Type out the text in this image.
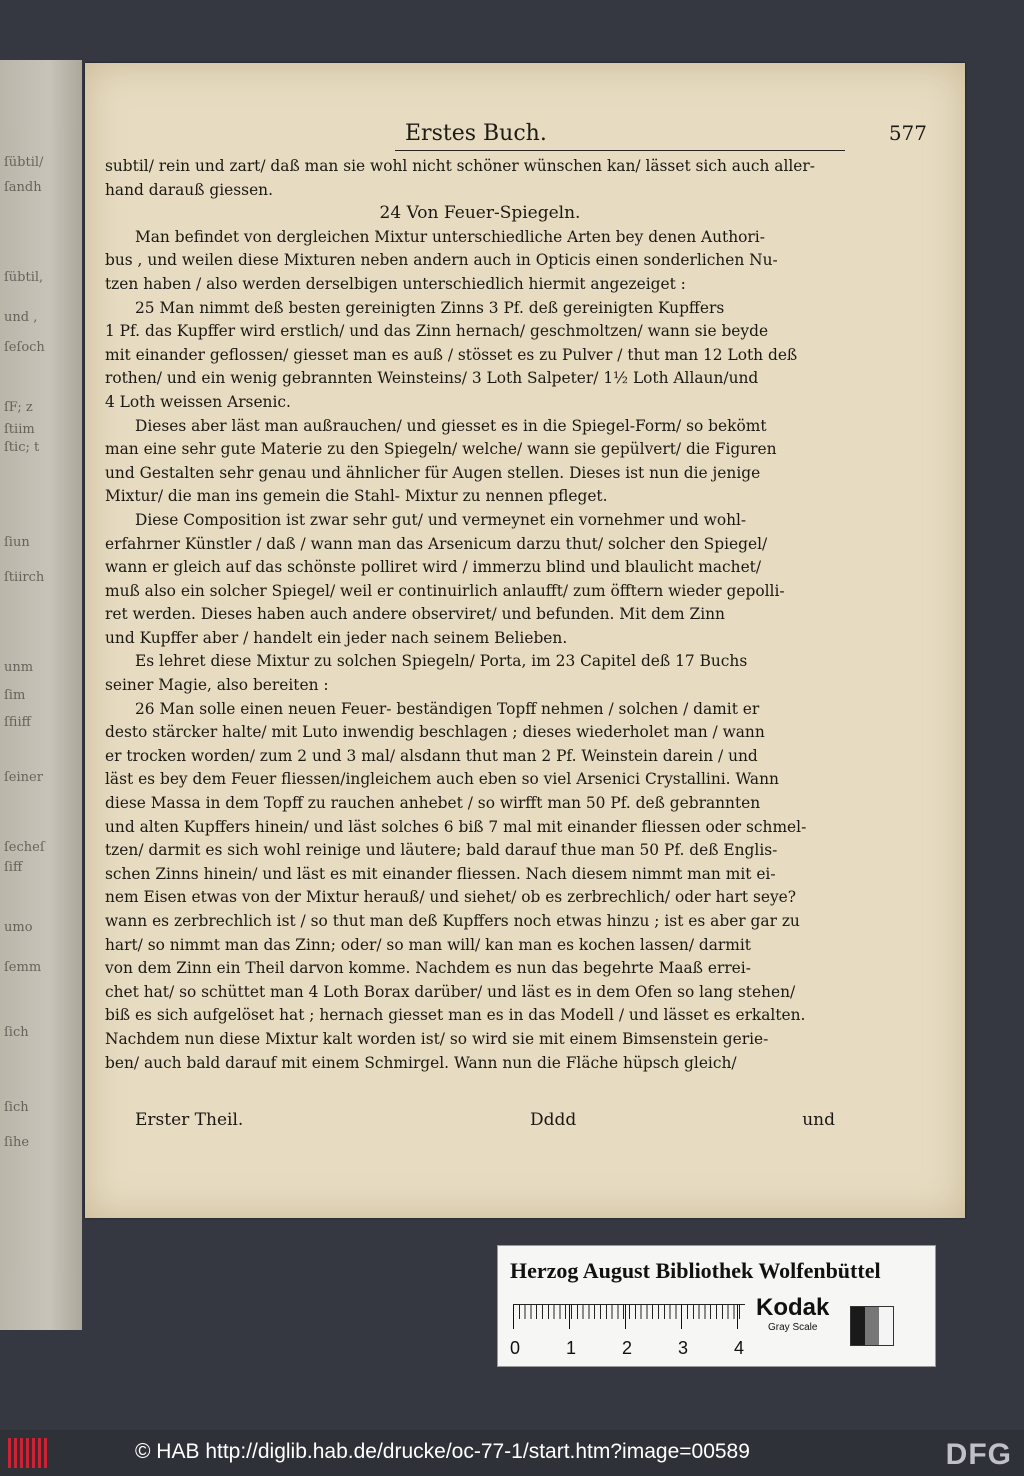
ſübtil/
ſandh
ſübtil,
und ,
ſeſoch
ſF; z
ſtiim
ſtic; t
ſiun
ſtiirch
unm
ſim
ſfiiff
ſeiner
ſecheſ
ſiff
umo
ſemm
ſich
ſich
ſihe
Erstes Buch.	577
subtil/ rein und zart/ daß man sie wohl nicht schöner wünschen kan/ lässet sich auch aller-
hand darauß giessen.
24 Von Feuer-Spiegeln.
Man befindet von dergleichen Mixtur unterschiedliche Arten bey denen Authori-
bus , und weilen diese Mixturen neben andern auch in Opticis einen sonderlichen Nu-
tzen haben / also werden derselbigen unterschiedlich hiermit angezeiget :
25 Man nimmt deß besten gereinigten Zinns 3 Pf. deß gereinigten Kupffers
1 Pf. das Kupffer wird erstlich/ und das Zinn hernach/ geschmoltzen/ wann sie beyde
mit einander geflossen/ giesset man es auß / stösset es zu Pulver / thut man 12 Loth deß
rothen/ und ein wenig gebrannten Weinsteins/ 3 Loth Salpeter/ 1½ Loth Allaun/und
4 Loth weissen Arsenic.
Dieses aber läst man außrauchen/ und giesset es in die Spiegel-Form/ so bekömt
man eine sehr gute Materie zu den Spiegeln/ welche/ wann sie gepülvert/ die Figuren
und Gestalten sehr genau und ähnlicher für Augen stellen. Dieses ist nun die jenige
Mixtur/ die man ins gemein die Stahl- Mixtur zu nennen pfleget.
Diese Composition ist zwar sehr gut/ und vermeynet ein vornehmer und wohl-
erfahrner Künstler / daß / wann man das Arsenicum darzu thut/ solcher den Spiegel/
wann er gleich auf das schönste polliret wird / immerzu blind und blaulicht machet/
muß also ein solcher Spiegel/ weil er continuirlich anlaufft/ zum öfftern wieder gepolli-
ret werden. Dieses haben auch andere observiret/ und befunden. Mit dem Zinn
und Kupffer aber / handelt ein jeder nach seinem Belieben.
Es lehret diese Mixtur zu solchen Spiegeln/ Porta, im 23 Capitel deß 17 Buchs
seiner Magie, also bereiten :
26 Man solle einen neuen Feuer- beständigen Topff nehmen / solchen / damit er
desto stärcker halte/ mit Luto inwendig beschlagen ; dieses wiederholet man / wann
er trocken worden/ zum 2 und 3 mal/ alsdann thut man 2 Pf. Weinstein darein / und
läst es bey dem Feuer fliessen/ingleichem auch eben so viel Arsenici Crystallini. Wann
diese Massa in dem Topff zu rauchen anhebet / so wirfft man 50 Pf. deß gebrannten
und alten Kupffers hinein/ und läst solches 6 biß 7 mal mit einander fliessen oder schmel-
tzen/ darmit es sich wohl reinige und läutere; bald darauf thue man 50 Pf. deß Englis-
schen Zinns hinein/ und läst es mit einander fliessen. Nach diesem nimmt man mit ei-
nem Eisen etwas von der Mixtur herauß/ und siehet/ ob es zerbrechlich/ oder hart seye?
wann es zerbrechlich ist / so thut man deß Kupffers noch etwas hinzu ; ist es aber gar zu
hart/ so nimmt man das Zinn; oder/ so man will/ kan man es kochen lassen/ darmit
von dem Zinn ein Theil darvon komme. Nachdem es nun das begehrte Maaß errei-
chet hat/ so schüttet man 4 Loth Borax darüber/ und läst es in dem Ofen so lang stehen/
biß es sich aufgelöset hat ; hernach giesset man es in das Modell / und lässet es erkalten.
Nachdem nun diese Mixtur kalt worden ist/ so wird sie mit einem Bimsenstein gerie-
ben/ auch bald darauf mit einem Schmirgel. Wann nun die Fläche hüpsch gleich/
Erster Theil.	Dddd	und
Herzog August Bibliothek Wolfenbüttel
0	1	2	3	4
Kodak
Gray Scale
© HAB http://diglib.hab.de/drucke/oc-77-1/start.htm?image=00589	DFG
